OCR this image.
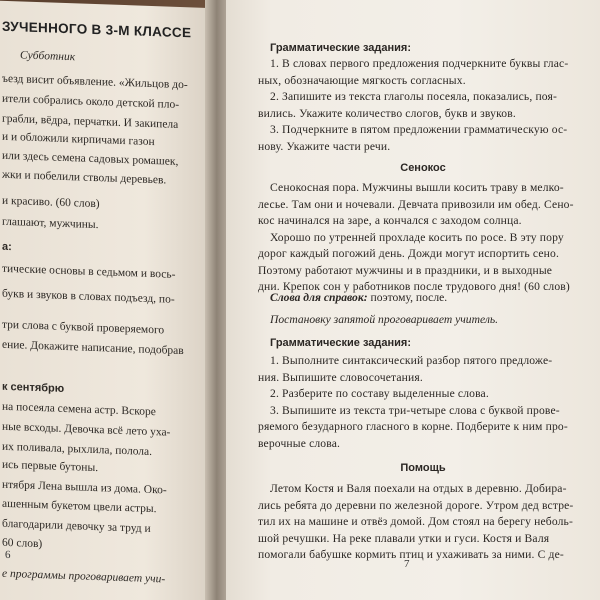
ЗУЧЕННОГО В 3-М КЛАССЕ
Субботник
ъезд висит объявление. «Жильцов до-
ители собрались около детской пло-
грабли, вёдра, перчатки. И закипела
и и обложили кирпичами газон
или здесь семена садовых ромашек,
жки и побелили стволы деревьев.
и красиво. (60 слов)
глашают, мужчины.
а:
тические основы в седьмом и вось-
букв и звуков в словах подъезд, по-
три слова с буквой проверяемого
ение. Докажите написание, подобрав
к сентябрю
на посеяла семена астр. Вскоре
ные всходы. Девочка всё лето уха-
их поливала, рыхлила, полола.
ись первые бутоны.
нтября Лена вышла из дома. Око-
ашенным букетом цвели астры.
благодарили девочку за труд и
60 слов)
е программы проговаривает учи-
6
Грамматические задания:
1. В словах первого предложения подчеркните буквы глас-
ных, обозначающие мягкость согласных.
2. Запишите из текста глаголы посеяла, показались, поя-
вились. Укажите количество слогов, букв и звуков.
3. Подчеркните в пятом предложении грамматическую ос-
нову. Укажите части речи.
Сенокос
Сенокосная пора. Мужчины вышли косить траву в мелко-
лесье. Там они и ночевали. Девчата привозили им обед. Сено-
кос начинался на заре, а кончался с заходом солнца.
Хорошо по утренней прохладе косить по росе. В эту пору
дорог каждый погожий день. Дожди могут испортить сено.
Поэтому работают мужчины и в праздники, и в выходные
дни. Крепок сон у работников после трудового дня! (60 слов)
Слова для справок: поэтому, после.
Постановку запятой проговаривает учитель.
Грамматические задания:
1. Выполните синтаксический разбор пятого предложе-
ния. Выпишите словосочетания.
2. Разберите по составу выделенные слова.
3. Выпишите из текста три-четыре слова с буквой прове-
ряемого безударного гласного в корне. Подберите к ним про-
верочные слова.
Помощь
Летом Костя и Валя поехали на отдых в деревню. Добира-
лись ребята до деревни по железной дороге. Утром дед встре-
тил их на машине и отвёз домой. Дом стоял на берегу неболь-
шой речушки. На реке плавали утки и гуси. Костя и Валя
помогали бабушке кормить птиц и ухаживать за ними. С де-
7
